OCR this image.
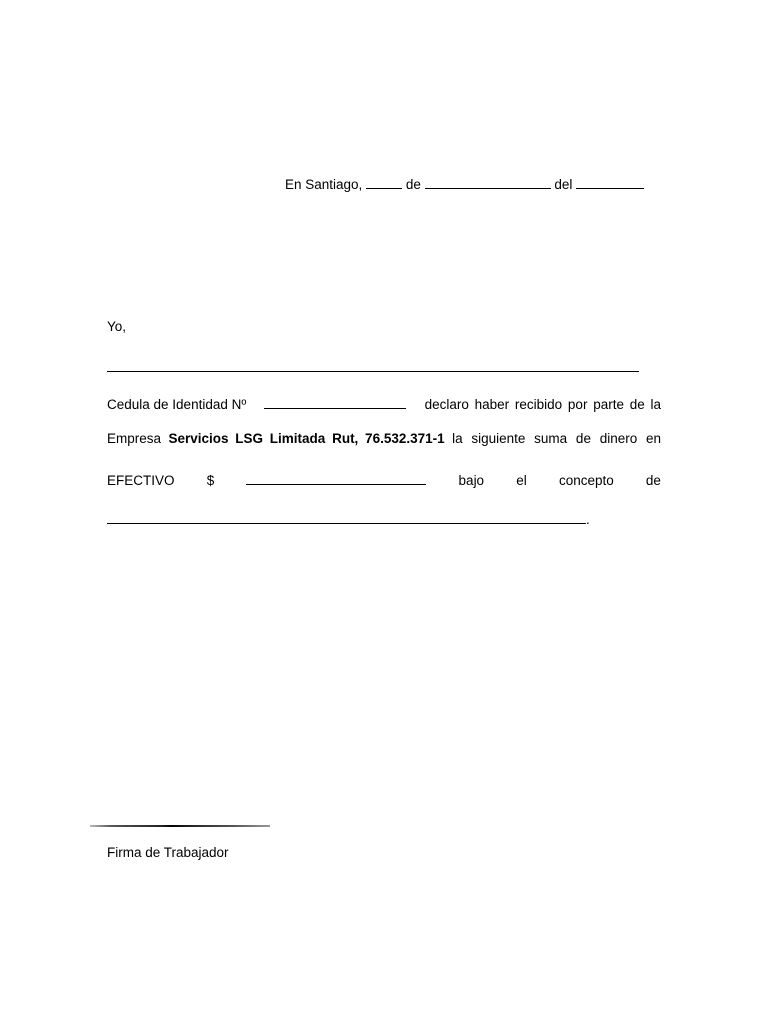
En Santiago,	de	del
Yo,
Cedula de Identidad Nº	declaro haber recibido por parte de la
Empresa Servicios LSG Limitada Rut, 76.532.371-1 la siguiente suma de dinero en
EFECTIVO $	bajo el concepto de
.
Firma de Trabajador
